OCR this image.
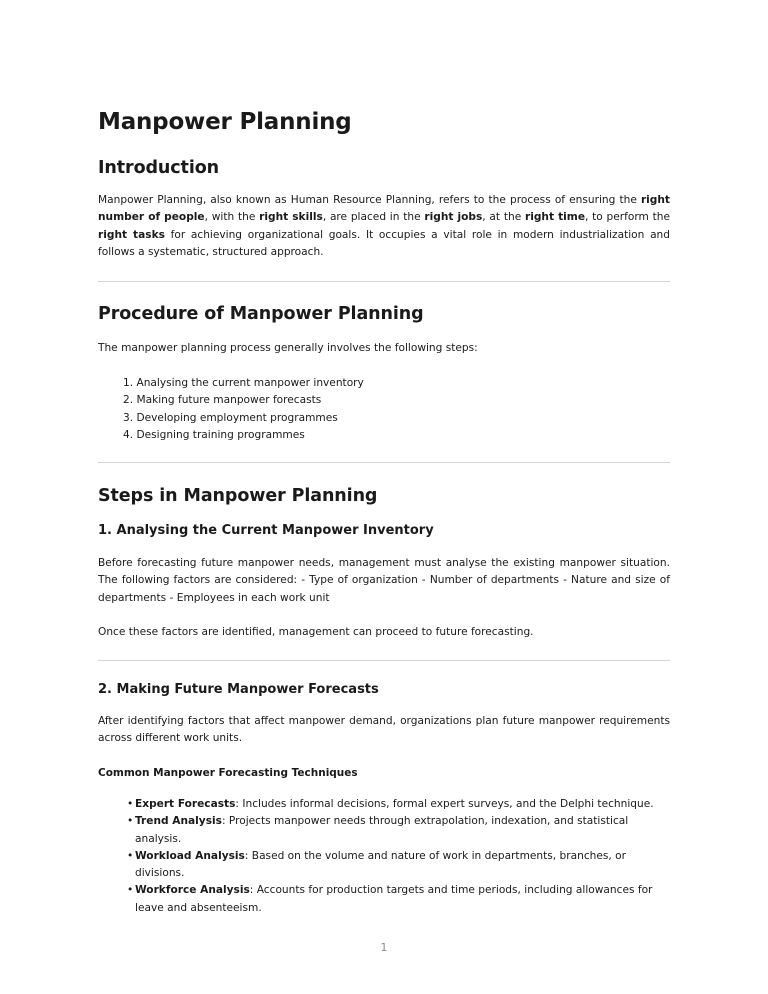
Manpower Planning
Introduction

Manpower Planning, also known as Human Resource Planning, refers to the process of ensuring the right number of people, with the right skills, are placed in the right jobs, at the right time, to perform the right tasks for achieving organizational goals. It occupies a vital role in modern industrialization and follows a systematic, structured approach.

Procedure of Manpower Planning

The manpower planning process generally involves the following steps:

1. Analysing the current manpower inventory
2. Making future manpower forecasts
3. Developing employment programmes
4. Designing training programmes
Steps in Manpower Planning
1. Analysing the Current Manpower Inventory

Before forecasting future manpower needs, management must analyse the existing manpower situation. The following factors are considered: - Type of organization - Number of departments - Nature and size of departments - Employees in each work unit

Once these factors are identified, management can proceed to future forecasting.

2. Making Future Manpower Forecasts

After identifying factors that affect manpower demand, organizations plan future manpower requirements across different work units.

Common Manpower Forecasting Techniques
• Expert Forecasts: Includes informal decisions, formal expert surveys, and the Delphi technique.
• Trend Analysis: Projects manpower needs through extrapolation, indexation, and statistical analysis.
• Workload Analysis: Based on the volume and nature of work in departments, branches, or divisions.
• Workforce Analysis: Accounts for production targets and time periods, including allowances for leave and absenteeism.
1
